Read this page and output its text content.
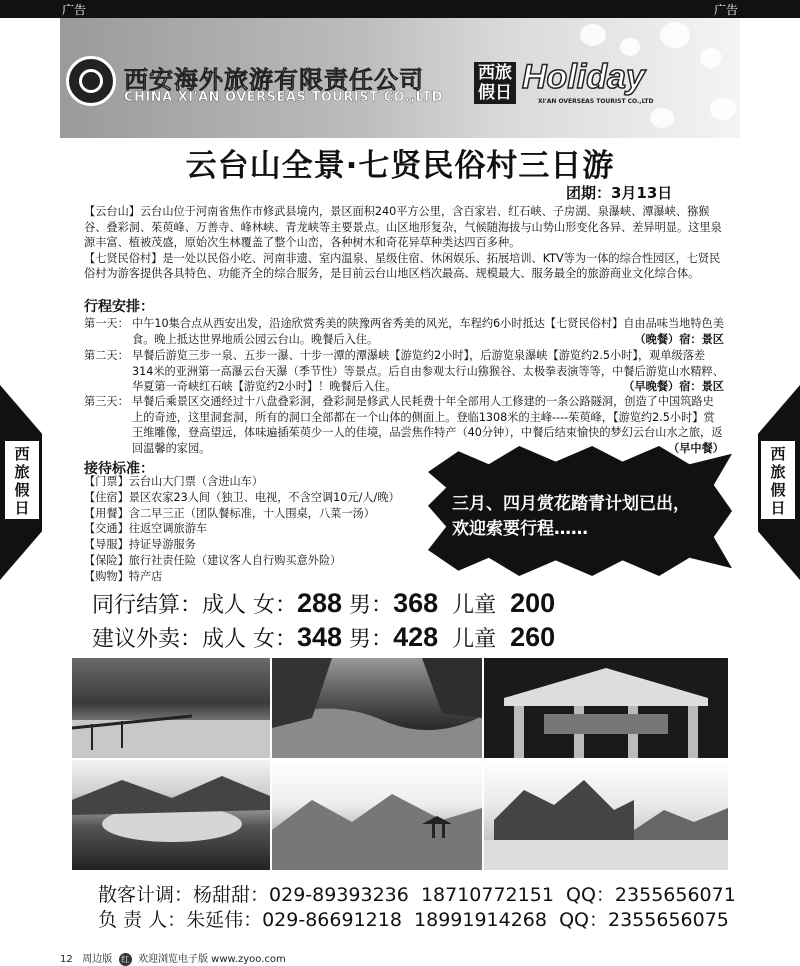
广告	广告
西安海外旅游有限责任公司
CHINA XI'AN OVERSEAS TOURIST CO.,LTD
西旅假日 Holiday
XI'AN OVERSEAS TOURIST CO.,LTD
西旅假日
西旅假日
云台山全景·七贤民俗村三日游
团期：3月13日
【云台山】云台山位于河南省焦作市修武县境内，景区面积240平方公里，含百家岩、红石峡、子房湖、泉瀑峡、潭瀑峡、猕猴谷、叠彩洞、茱萸峰、万善寺、峰林峡、青龙峡等主要景点。山区地形复杂，气候随海拔与山势山形变化各异、差异明显。这里泉源丰富、植被茂盛，原始次生林覆盖了整个山峦，各种树木和奇花异草种类达四百多种。
【七贤民俗村】是一处以民俗小吃、河南非遗、室内温泉、星级住宿、休闲娱乐、拓展培训、KTV等为一体的综合性园区，七贤民俗村为游客提供各具特色、功能齐全的综合服务，是目前云台山地区档次最高、规模最大、服务最全的旅游商业文化综合体。
行程安排：
第一天： 中午10集合点从西安出发，沿途欣赏秀美的陕豫两省秀美的风光，车程约6小时抵达【七贤民俗村】自由品味当地特色美食。晚上抵达世界地质公园云台山。晚餐后入住。	（晚餐）宿：景区
第二天： 早餐后游览三步一泉、五步一瀑、十步一潭的潭瀑峡【游览约2小时】，后游览泉瀑峡【游览约2.5小时】，观单级落差314米的亚洲第一高瀑云台天瀑（季节性）等景点。后自由参观太行山猕猴谷、太极拳表演等等，中餐后游览山水精粹、华夏第一奇峡红石峡【游览约2小时】！晚餐后入住。	（早晚餐）宿：景区
第三天： 早餐后乘景区交通经过十八盘叠彩洞，叠彩洞是修武人民耗费十年全部用人工修建的一条公路隧洞，创造了中国筑路史上的奇迹，这里洞套洞，所有的洞口全部都在一个山体的侧面上。登临1308米的主峰----茱萸峰，【游览约2.5小时】赏王维雕像，登高望远，体味遍插茱萸少一人的佳境，品尝焦作特产（40分钟），中餐后结束愉快的梦幻云台山水之旅，返回温馨的家园。	（早中餐）
接待标准：
【门票】云台山大门票（含进山车）
【住宿】景区农家23人间（独卫、电视，不含空调10元/人/晚）
【用餐】含二早三正（团队餐标准，十人围桌，八菜一汤）
【交通】往返空调旅游车
【导服】持证导游服务
【保险】旅行社责任险（建议客人自行购买意外险）
【购物】特产店
三月、四月赏花踏青计划已出，
欢迎索要行程……
同行结算：成人 女：288 男：368  儿童  200
建议外卖：成人 女：348 男：428  儿童  260
散客计调：杨甜甜：029-89393236 18710772151 QQ：2355656071
负 责 人：朱延伟：029-86691218 18991914268 QQ：2355656075
12 周边版 红 欢迎浏览电子版 www.zyoo.com
